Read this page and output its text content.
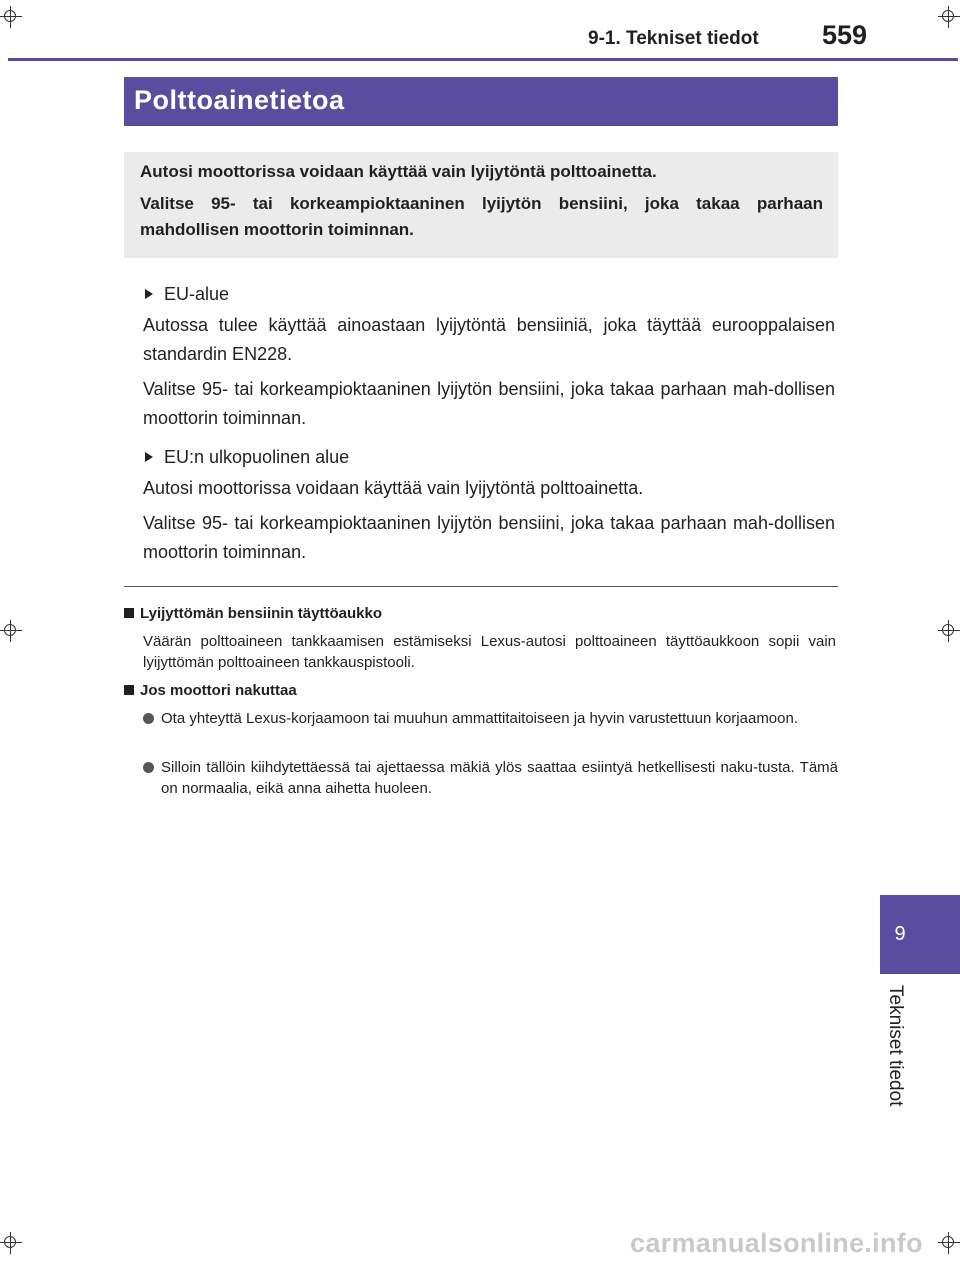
9-1. Tekniset tiedot 559
Polttoainetietoa

Autosi moottorissa voidaan käyttää vain lyijytöntä polttoainetta.

Valitse 95- tai korkeampioktaaninen lyijytön bensiini, joka takaa parhaan mahdollisen moottorin toiminnan.

EU-alue

Autossa tulee käyttää ainoastaan lyijytöntä bensiiniä, joka täyttää eurooppalaisen standardin EN228.

Valitse 95- tai korkeampioktaaninen lyijytön bensiini, joka takaa parhaan mah-dollisen moottorin toiminnan.

EU:n ulkopuolinen alue

Autosi moottorissa voidaan käyttää vain lyijytöntä polttoainetta.

Valitse 95- tai korkeampioktaaninen lyijytön bensiini, joka takaa parhaan mah-dollisen moottorin toiminnan.

Lyijyttömän bensiinin täyttöaukko
Väärän polttoaineen tankkaamisen estämiseksi Lexus-autosi polttoaineen täyttöaukkoon sopii vain lyijyttömän polttoaineen tankkauspistooli.
Jos moottori nakuttaa
Ota yhteyttä Lexus-korjaamoon tai muuhun ammattitaitoiseen ja hyvin varustettuun korjaamoon.
Silloin tällöin kiihdytettäessä tai ajettaessa mäkiä ylös saattaa esiintyä hetkellisesti naku-tusta. Tämä on normaalia, eikä anna aihetta huoleen.
9
Tekniset tiedot
carmanualsonline.info
